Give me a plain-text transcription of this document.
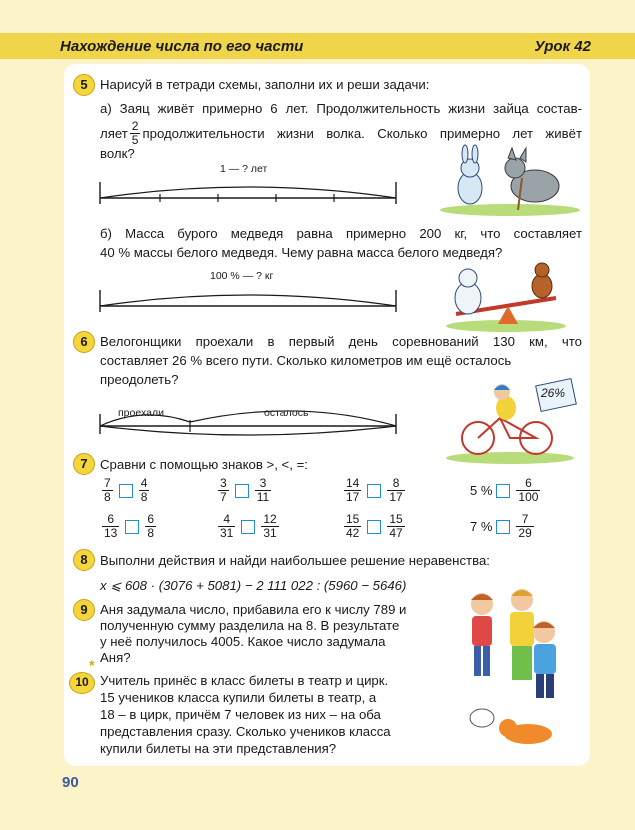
Нахождение числа по его части	Урок 42
5 Нарисуй в тетради схемы, заполни их и реши задачи:
а) Заяц живёт примерно 6 лет. Продолжительность жизни зайца состав-
ляет $\frac{2}{5}$ продолжительности жизни волка. Сколько примерно лет живёт
волк?
1 — ? лет
б) Масса бурого медведя равна примерно 200 кг, что составляет
40 % массы белого медведя. Чему равна масса белого медведя?
100 % — ? кг
6 Велогонщики проехали в первый день соревнований 130 км, что
составляет 26 % всего пути. Сколько километров им ещё осталось
преодолеть?
проехали	осталось
26%
7 Сравни с помощью знаков >, <, =:
$\frac{7}{8} \frac{4}{8}$	$\frac{3}{7} \frac{3}{11}$	$\frac{14}{17} \frac{8}{17}$	5 % $\frac{6}{100}$
$\frac{6}{13} \frac{6}{8}$	$\frac{4}{31} \frac{12}{31}$	$\frac{15}{42} \frac{15}{47}$	7 % $\frac{7}{29}$
8 Выполни действия и найди наибольшее решение неравенства:
x ⩽ 608 · (3076 + 5081) − 2 111 022 : (5960 − 5646)
9 Аня задумала число, прибавила его к числу 789 и
полученную сумму разделила на 8. В результате
у неё получилось 4005. Какое число задумала
Аня?
*
10 Учитель принёс в класс билеты в театр и цирк.
15 учеников класса купили билеты в театр, а
18 – в цирк, причём 7 человек из них – на оба
представления сразу. Сколько учеников класса
купили билеты на эти представления?
90
